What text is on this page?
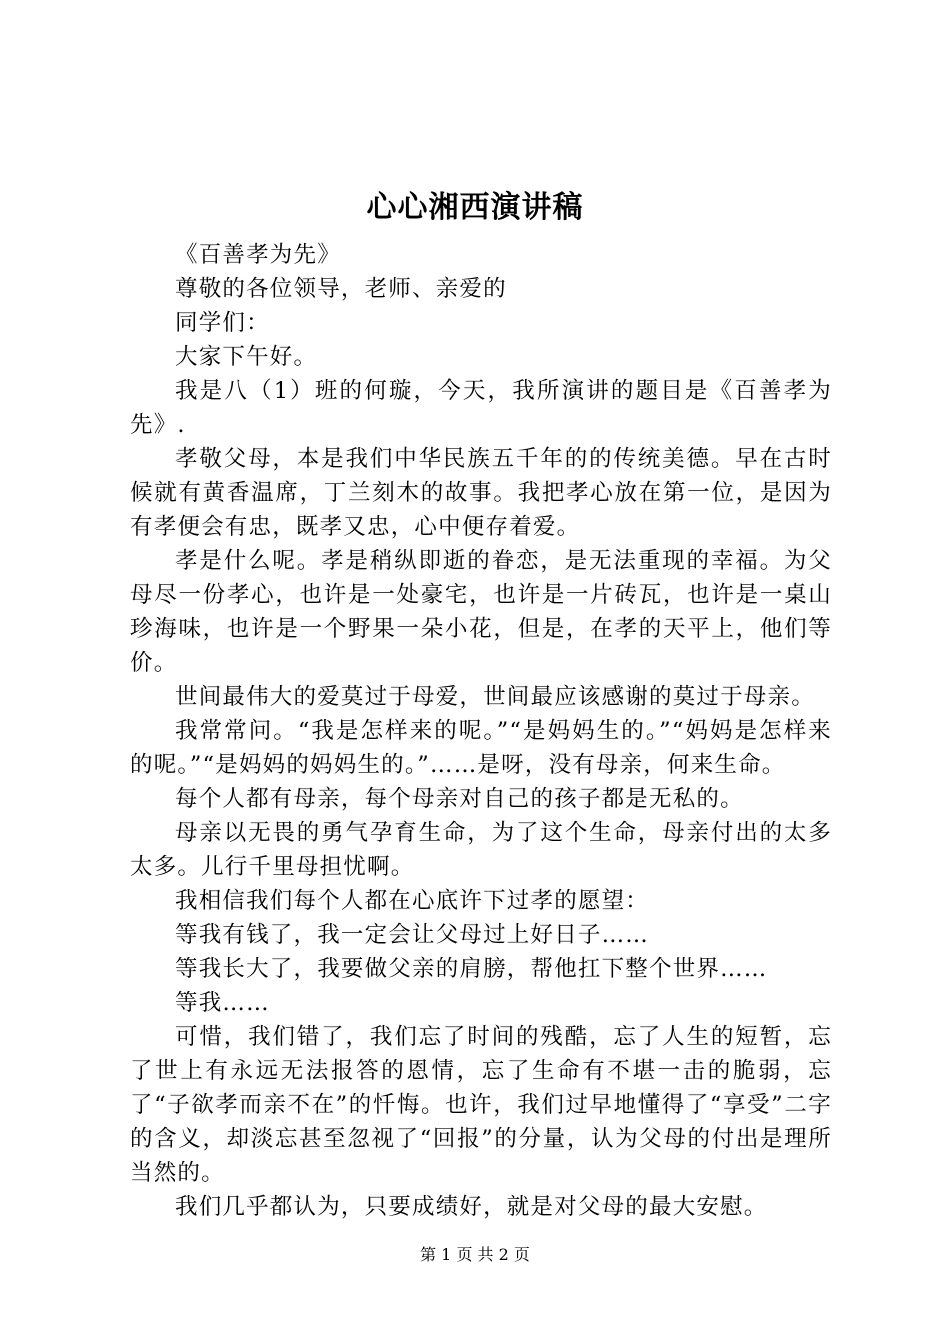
心心湘西演讲稿

《百善孝为先》

尊敬的各位领导，老师、亲爱的

同学们：

大家下午好。

我是八（1）班的何璇，今天，我所演讲的题目是《百善孝为先》.

孝敬父母，本是我们中华民族五千年的的传统美德。早在古时候就有黄香温席，丁兰刻木的故事。我把孝心放在第一位，是因为有孝便会有忠，既孝又忠，心中便存着爱。

孝是什么呢。孝是稍纵即逝的眷恋，是无法重现的幸福。为父母尽一份孝心，也许是一处豪宅，也许是一片砖瓦，也许是一桌山珍海味，也许是一个野果一朵小花，但是，在孝的天平上，他们等价。

世间最伟大的爱莫过于母爱，世间最应该感谢的莫过于母亲。

我常常问。“我是怎样来的呢。”“是妈妈生的。”“妈妈是怎样来的呢。”“是妈妈的妈妈生的。”……是呀，没有母亲，何来生命。

每个人都有母亲，每个母亲对自己的孩子都是无私的。

母亲以无畏的勇气孕育生命，为了这个生命，母亲付出的太多太多。儿行千里母担忧啊。

我相信我们每个人都在心底许下过孝的愿望：

等我有钱了，我一定会让父母过上好日子……

等我长大了，我要做父亲的肩膀，帮他扛下整个世界……

等我……

可惜，我们错了，我们忘了时间的残酷，忘了人生的短暂，忘了世上有永远无法报答的恩情，忘了生命有不堪一击的脆弱，忘了“子欲孝而亲不在”的忏悔。也许，我们过早地懂得了“享受”二字的含义，却淡忘甚至忽视了“回报”的分量，认为父母的付出是理所当然的。

我们几乎都认为，只要成绩好，就是对父母的最大安慰。

第 1 页 共 2 页
